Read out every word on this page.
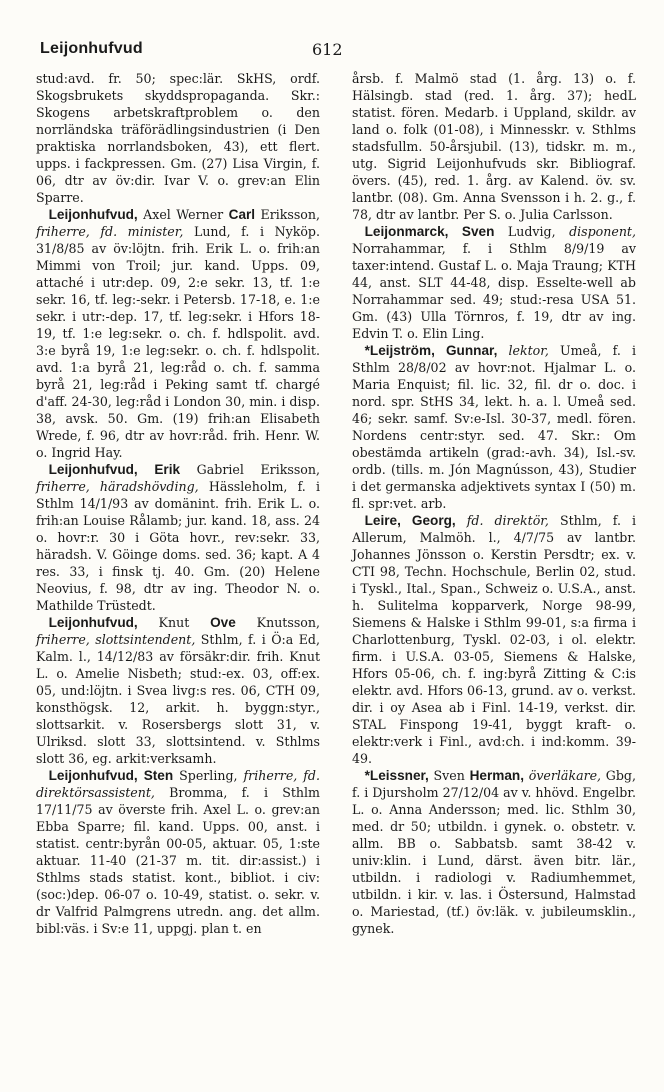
Leijonhufvud	612

stud:avd. fr. 50; spec:lär. SkHS, ordf. Skogsbrukets skyddspropaganda. Skr.: Skogens arbetskraftproblem o. den norrländska träförädlingsindustrien (i Den praktiska norrlandsboken, 43), ett flert. upps. i fackpressen. Gm. (27) Lisa Virgin, f. 06, dtr av öv:dir. Ivar V. o. grev:an Elin Sparre.

 Leijonhufvud, Axel Werner Carl Eriksson, friherre, fd. minister, Lund, f. i Nyköp. 31/8/85 av öv:löjtn. frih. Erik L. o. frih:an Mimmi von Troil; jur. kand. Upps. 09, attaché i utr:dep. 09, 2:e sekr. 13, tf. 1:e sekr. 16, tf. leg:-sekr. i Petersb. 17-18, e. 1:e sekr. i utr:-dep. 17, tf. leg:sekr. i Hfors 18-19, tf. 1:e leg:sekr. o. ch. f. hdlspolit. avd. 3:e byrå 19, 1:e leg:sekr. o. ch. f. hdlspolit. avd. 1:a byrå 21, leg:råd o. ch. f. samma byrå 21, leg:råd i Peking samt tf. chargé d'aff. 24-30, leg:råd i London 30, min. i disp. 38, avsk. 50. Gm. (19) frih:an Elisabeth Wrede, f. 96, dtr av hovr:råd. frih. Henr. W. o. Ingrid Hay.

 Leijonhufvud, Erik Gabriel Eriksson, friherre, häradshövding, Hässleholm, f. i Sthlm 14/1/93 av domänint. frih. Erik L. o. frih:an Louise Rålamb; jur. kand. 18, ass. 24 o. hovr:r. 30 i Göta hovr., rev:sekr. 33, häradsh. V. Göinge doms. sed. 36; kapt. A 4 res. 33, i finsk tj. 40. Gm. (20) Helene Neovius, f. 98, dtr av ing. Theodor N. o. Mathilde Trüstedt.

 Leijonhufvud, Knut Ove Knutsson, friherre, slottsintendent, Sthlm, f. i Ö:a Ed, Kalm. l., 14/12/83 av försäkr:dir. frih. Knut L. o. Amelie Nisbeth; stud:-ex. 03, off:ex. 05, und:löjtn. i Svea livg:s res. 06, CTH 09, konsthögsk. 12, arkit. h. byggn:styr., slottsarkit. v. Rosersbergs slott 31, v. Ulriksd. slott 33, slottsintend. v. Sthlms slott 36, eg. arkit:verksamh.

 Leijonhufvud, Sten Sperling, friherre, fd. direktörsassistent, Bromma, f. i Sthlm 17/11/75 av överste frih. Axel L. o. grev:an Ebba Sparre; fil. kand. Upps. 00, anst. i statist. centr:byrån 00-05, aktuar. 05, 1:ste aktuar. 11-40 (21-37 m. tit. dir:assist.) i Sthlms stads statist. kont., bibliot. i civ:(soc:)dep. 06-07 o. 10-49, statist. o. sekr. v. dr Valfrid Palmgrens utredn. ang. det allm. bibl:väs. i Sv:e 11, uppgj. plan t. en

årsb. f. Malmö stad (1. årg. 13) o. f. Hälsingb. stad (red. 1. årg. 37); hedL statist. fören. Medarb. i Uppland, skildr. av land o. folk (01-08), i Minnesskr. v. Sthlms stadsfullm. 50-årsjubil. (13), tidskr. m. m., utg. Sigrid Leijonhufvuds skr. Bibliograf. övers. (45), red. 1. årg. av Kalend. öv. sv. lantbr. (08). Gm. Anna Svensson i h. 2. g., f. 78, dtr av lantbr. Per S. o. Julia Carlsson.

 Leijonmarck, Sven Ludvig, disponent, Norrahammar, f. i Sthlm 8/9/19 av taxer:intend. Gustaf L. o. Maja Traung; KTH 44, anst. SLT 44-48, disp. Esselte-well ab Norrahammar sed. 49; stud:-resa USA 51. Gm. (43) Ulla Törnros, f. 19, dtr av ing. Edvin T. o. Elin Ling.

 *Leijström, Gunnar, lektor, Umeå, f. i Sthlm 28/8/02 av hovr:not. Hjalmar L. o. Maria Enquist; fil. lic. 32, fil. dr o. doc. i nord. spr. StHS 34, lekt. h. a. l. Umeå sed. 46; sekr. samf. Sv:e-Isl. 30-37, medl. fören. Nordens centr:styr. sed. 47. Skr.: Om obestämda artikeln (grad:-avh. 34), Isl.-sv. ordb. (tills. m. Jón Magnússon, 43), Studier i det germanska adjektivets syntax I (50) m. fl. spr:vet. arb.

 Leire, Georg, fd. direktör, Sthlm, f. i Allerum, Malmöh. l., 4/7/75 av lantbr. Johannes Jönsson o. Kerstin Persdtr; ex. v. CTI 98, Techn. Hochschule, Berlin 02, stud. i Tyskl., Ital., Span., Schweiz o. U.S.A., anst. h. Sulitelma kopparverk, Norge 98-99, Siemens & Halske i Sthlm 99-01, s:a firma i Charlottenburg, Tyskl. 02-03, i ol. elektr. firm. i U.S.A. 03-05, Siemens & Halske, Hfors 05-06, ch. f. ing:byrå Zitting & C:is elektr. avd. Hfors 06-13, grund. av o. verkst. dir. i oy Asea ab i Finl. 14-19, verkst. dir. STAL Finspong 19-41, byggt kraft- o. elektr:verk i Finl., avd:ch. i ind:komm. 39-49.

 *Leissner, Sven Herman, överläkare, Gbg, f. i Djursholm 27/12/04 av v. hhövd. Engelbr. L. o. Anna Andersson; med. lic. Sthlm 30, med. dr 50; utbildn. i gynek. o. obstetr. v. allm. BB o. Sabbatsb. samt 38-42 v. univ:klin. i Lund, därst. även bitr. lär., utbildn. i radiologi v. Radiumhemmet, utbildn. i kir. v. las. i Östersund, Halmstad o. Mariestad, (tf.) öv:läk. v. jubileumsklin., gynek.
